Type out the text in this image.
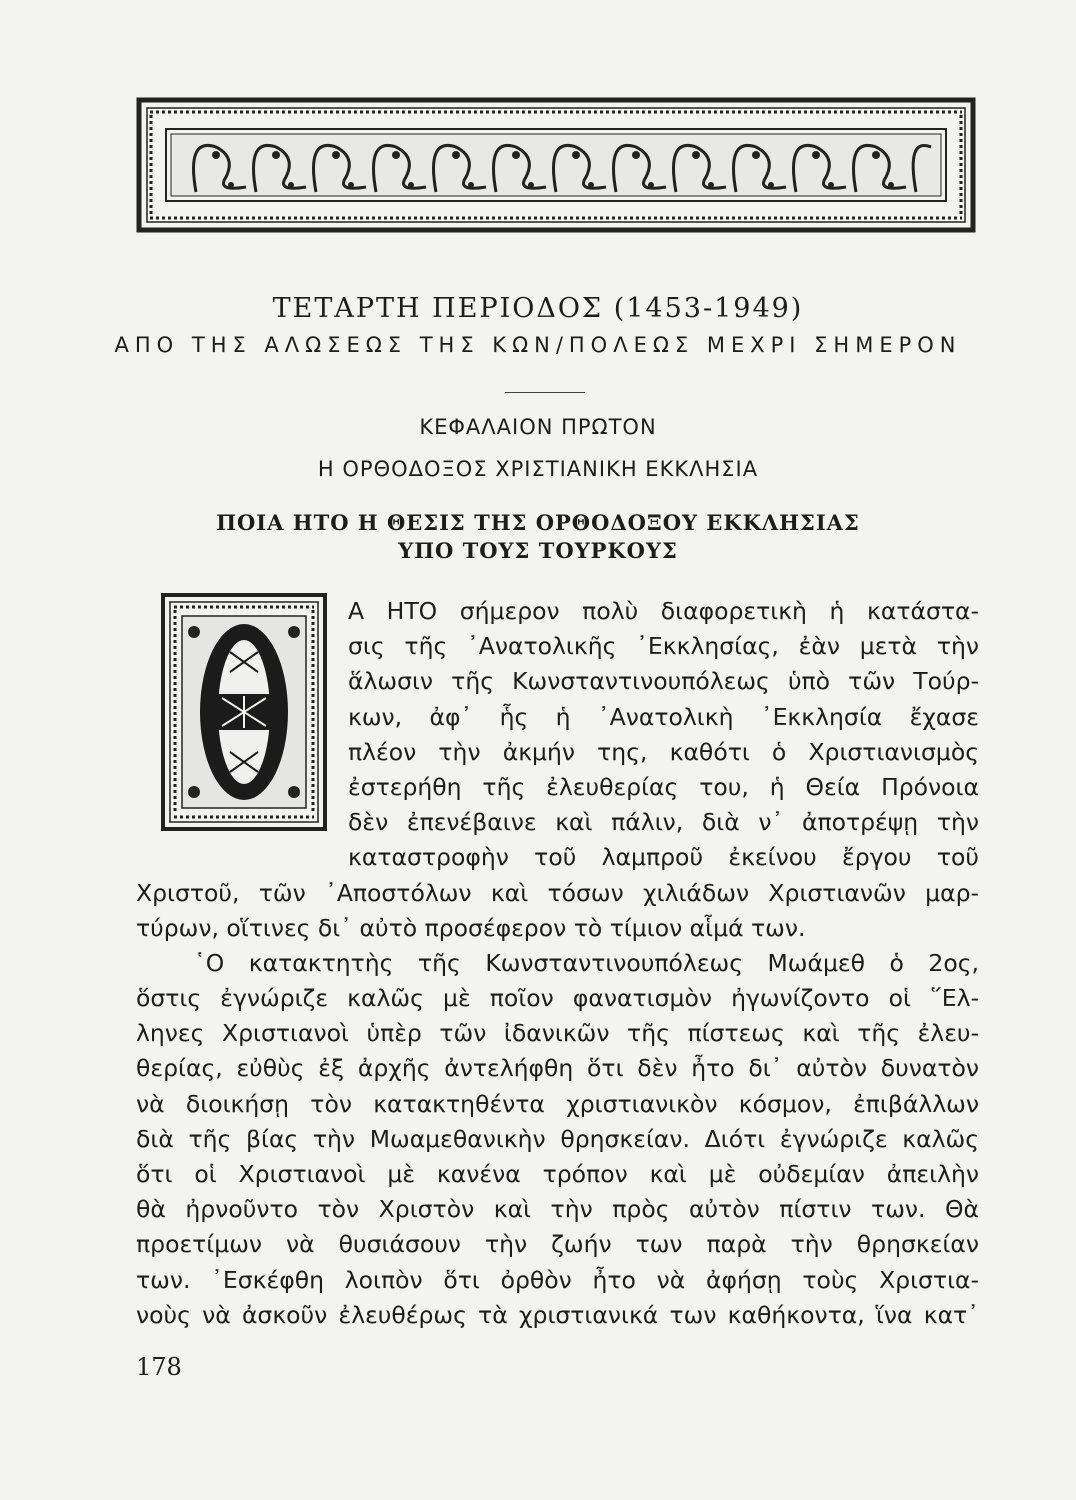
ΤΕΤΑΡΤΗ ΠΕΡΙΟΔΟΣ (1453-1949)
ΑΠΟ ΤΗΣ ΑΛΩΣΕΩΣ ΤΗΣ ΚΩΝ/ΠΟΛΕΩΣ ΜΕΧΡΙ ΣΗΜΕΡΟΝ
ΚΕΦΑΛΑΙΟΝ ΠΡΩΤΟΝ
Η ΟΡΘΟΔΟΞΟΣ ΧΡΙΣΤΙΑΝΙΚΗ ΕΚΚΛΗΣΙΑ
ΠΟΙΑ ΗΤΟ Η ΘΕΣΙΣ ΤΗΣ ΟΡΘΟΔΟΞΟΥ ΕΚΚΛΗΣΙΑΣ
ΥΠΟ ΤΟΥΣ ΤΟΥΡΚΟΥΣ
Α ΗΤΟ σήμερον πολὺ διαφορετικὴ ἡ κατάστα-
σις τῆς ᾿Ανατολικῆς ᾿Εκκλησίας, ἐὰν μετὰ τὴν
ἅλωσιν τῆς Κωνσταντινουπόλεως ὑπὸ τῶν Τούρ-
κων, ἀφ᾿ ἧς ἡ ᾿Ανατολικὴ ᾿Εκκλησία ἔχασε
πλέον τὴν ἀκμήν της, καθότι ὁ Χριστιανισμὸς
ἐστερήθη τῆς ἐλευθερίας του, ἡ Θεία Πρόνοια
δὲν ἐπενέβαινε καὶ πάλιν, διὰ ν᾿ ἀποτρέψῃ τὴν
καταστροφὴν τοῦ λαμπροῦ ἐκείνου ἔργου τοῦ
Χριστοῦ, τῶν ᾿Αποστόλων καὶ τόσων χιλιάδων Χριστιανῶν μαρ-
τύρων, οἵτινες δι᾿ αὐτὸ προσέφερον τὸ τίμιον αἷμά των.
῾Ο κατακτητὴς τῆς Κωνσταντινουπόλεως Μωάμεθ ὁ 2ος,
ὅστις ἐγνώριζε καλῶς μὲ ποῖον φανατισμὸν ἠγωνίζοντο οἱ ῞Ελ-
ληνες Χριστιανοὶ ὑπὲρ τῶν ἰδανικῶν τῆς πίστεως καὶ τῆς ἐλευ-
θερίας, εὐθὺς ἐξ ἀρχῆς ἀντελήφθη ὅτι δὲν ἦτο δι᾿ αὐτὸν δυνατὸν
νὰ διοικήσῃ τὸν κατακτηθέντα χριστιανικὸν κόσμον, ἐπιβάλλων
διὰ τῆς βίας τὴν Μωαμεθανικὴν θρησκείαν. Διότι ἐγνώριζε καλῶς
ὅτι οἱ Χριστιανοὶ μὲ κανένα τρόπον καὶ μὲ οὐδεμίαν ἀπειλὴν
θὰ ἠρνοῦντο τὸν Χριστὸν καὶ τὴν πρὸς αὐτὸν πίστιν των. Θὰ
προετίμων νὰ θυσιάσουν τὴν ζωήν των παρὰ τὴν θρησκείαν
των. ᾿Εσκέφθη λοιπὸν ὅτι ὀρθὸν ἦτο νὰ ἀφήσῃ τοὺς Χριστια-
νοὺς νὰ ἀσκοῦν ἐλευθέρως τὰ χριστιανικά των καθήκοντα, ἵνα κατ᾿
178
